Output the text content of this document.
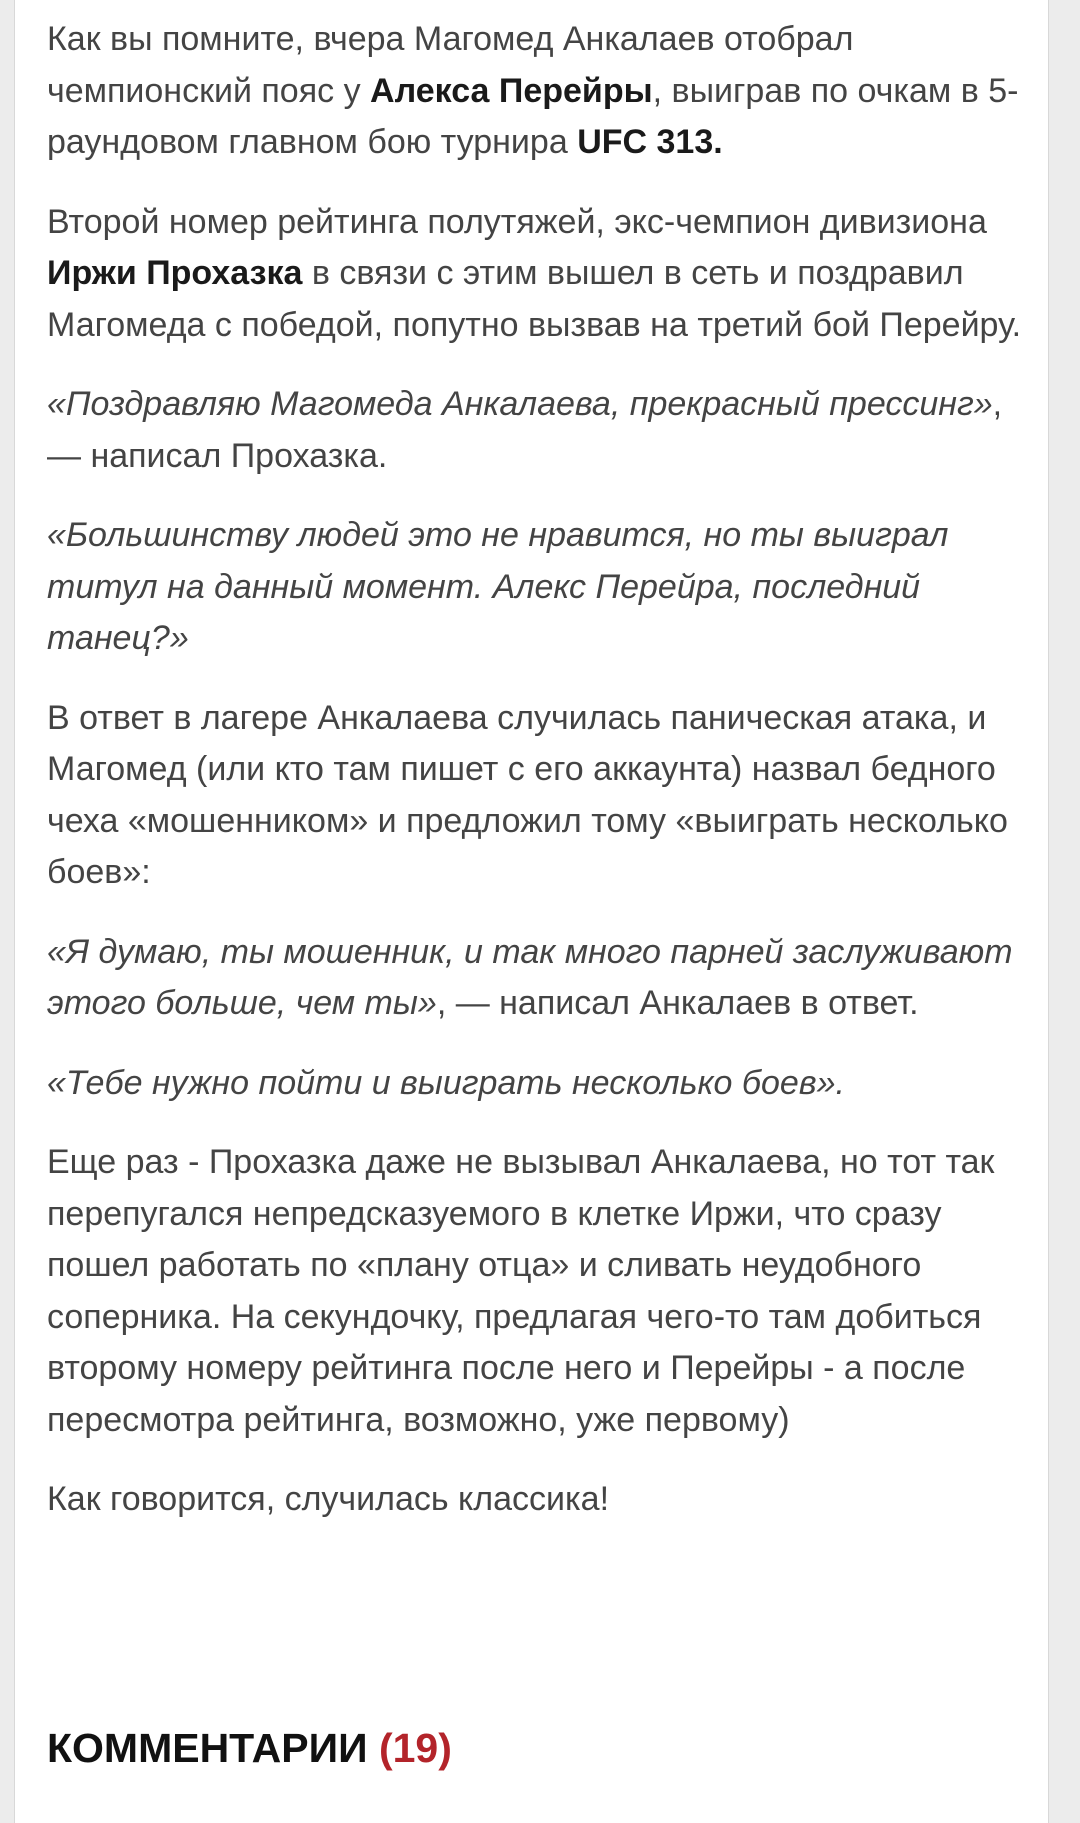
Как вы помните, вчера Магомед Анкалаев отобрал чемпионский пояс у Алекса Перейры, выиграв по очкам в 5-раундовом главном бою турнира UFC 313.

Второй номер рейтинга полутяжей, экс-чемпион дивизиона Иржи Прохазка в связи с этим вышел в сеть и поздравил Магомеда с победой, попутно вызвав на третий бой Перейру.

«Поздравляю Магомеда Анкалаева, прекрасный прессинг», — написал Прохазка.

«Большинству людей это не нравится, но ты выиграл титул на данный момент. Алекс Перейра, последний танец?»

В ответ в лагере Анкалаева случилась паническая атака, и Магомед (или кто там пишет с его аккаунта) назвал бедного чеха «мошенником» и предложил тому «выиграть несколько боев»:

«Я думаю, ты мошенник, и так много парней заслуживают этого больше, чем ты», — написал Анкалаев в ответ.

«Тебе нужно пойти и выиграть несколько боев».

Еще раз - Прохазка даже не вызывал Анкалаева, но тот так перепугался непредсказуемого в клетке Иржи, что сразу пошел работать по «плану отца» и сливать неудобного соперника. На секундочку, предлагая чего-то там добиться второму номеру рейтинга после него и Перейры - а после пересмотра рейтинга, возможно, уже первому)

Как говорится, случилась классика!

КОММЕНТАРИИ (19)
